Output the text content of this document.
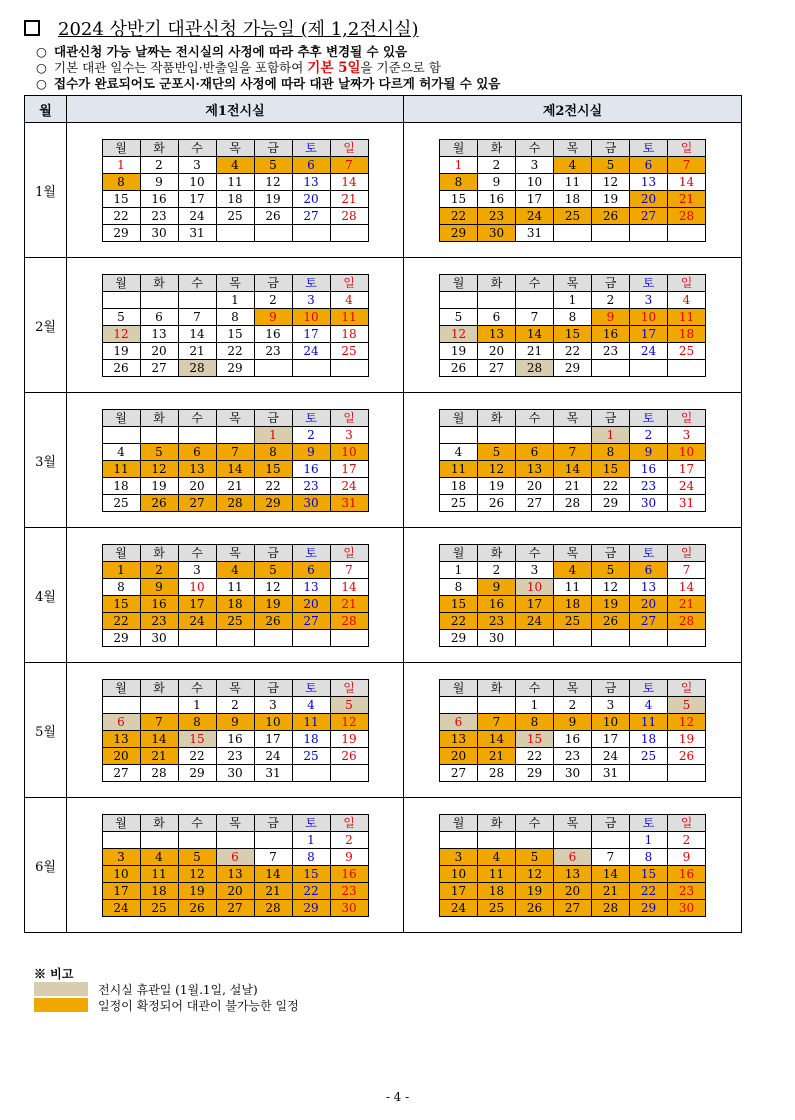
2024 상반기 대관신청 가능일 (제 1,2전시실)
○ 대관신청 가능 날짜는 전시실의 사정에 따라 추후 변경될 수 있음
○ 기본 대관 일수는 작품반입·반출일을 포함하여 기본 5일을 기준으로 함
○ 접수가 완료되어도 군포시·재단의 사정에 따라 대관 날짜가 다르게 허가될 수 있음
월	제1전시실	제2전시실
1월	
월	화	수	목	금	토	일
1	2	3	4	5	6	7
8	9	10	11	12	13	14
15	16	17	18	19	20	21
22	23	24	25	26	27	28
29	30	31				

월	화	수	목	금	토	일
1	2	3	4	5	6	7
8	9	10	11	12	13	14
15	16	17	18	19	20	21
22	23	24	25	26	27	28
29	30	31				

2월	
월	화	수	목	금	토	일
			1	2	3	4
5	6	7	8	9	10	11
12	13	14	15	16	17	18
19	20	21	22	23	24	25
26	27	28	29			

월	화	수	목	금	토	일
			1	2	3	4
5	6	7	8	9	10	11
12	13	14	15	16	17	18
19	20	21	22	23	24	25
26	27	28	29			

3월	
월	화	수	목	금	토	일
				1	2	3
4	5	6	7	8	9	10
11	12	13	14	15	16	17
18	19	20	21	22	23	24
25	26	27	28	29	30	31

월	화	수	목	금	토	일
				1	2	3
4	5	6	7	8	9	10
11	12	13	14	15	16	17
18	19	20	21	22	23	24
25	26	27	28	29	30	31

4월	
월	화	수	목	금	토	일
1	2	3	4	5	6	7
8	9	10	11	12	13	14
15	16	17	18	19	20	21
22	23	24	25	26	27	28
29	30					

월	화	수	목	금	토	일
1	2	3	4	5	6	7
8	9	10	11	12	13	14
15	16	17	18	19	20	21
22	23	24	25	26	27	28
29	30					

5월	
월	화	수	목	금	토	일
		1	2	3	4	5
6	7	8	9	10	11	12
13	14	15	16	17	18	19
20	21	22	23	24	25	26
27	28	29	30	31		

월	화	수	목	금	토	일
		1	2	3	4	5
6	7	8	9	10	11	12
13	14	15	16	17	18	19
20	21	22	23	24	25	26
27	28	29	30	31		

6월	
월	화	수	목	금	토	일
					1	2
3	4	5	6	7	8	9
10	11	12	13	14	15	16
17	18	19	20	21	22	23
24	25	26	27	28	29	30

월	화	수	목	금	토	일
					1	2
3	4	5	6	7	8	9
10	11	12	13	14	15	16
17	18	19	20	21	22	23
24	25	26	27	28	29	30
※ 비고
전시실 휴관일 (1월.1일, 설날)
일정이 확정되어 대관이 불가능한 일정
- 4 -
